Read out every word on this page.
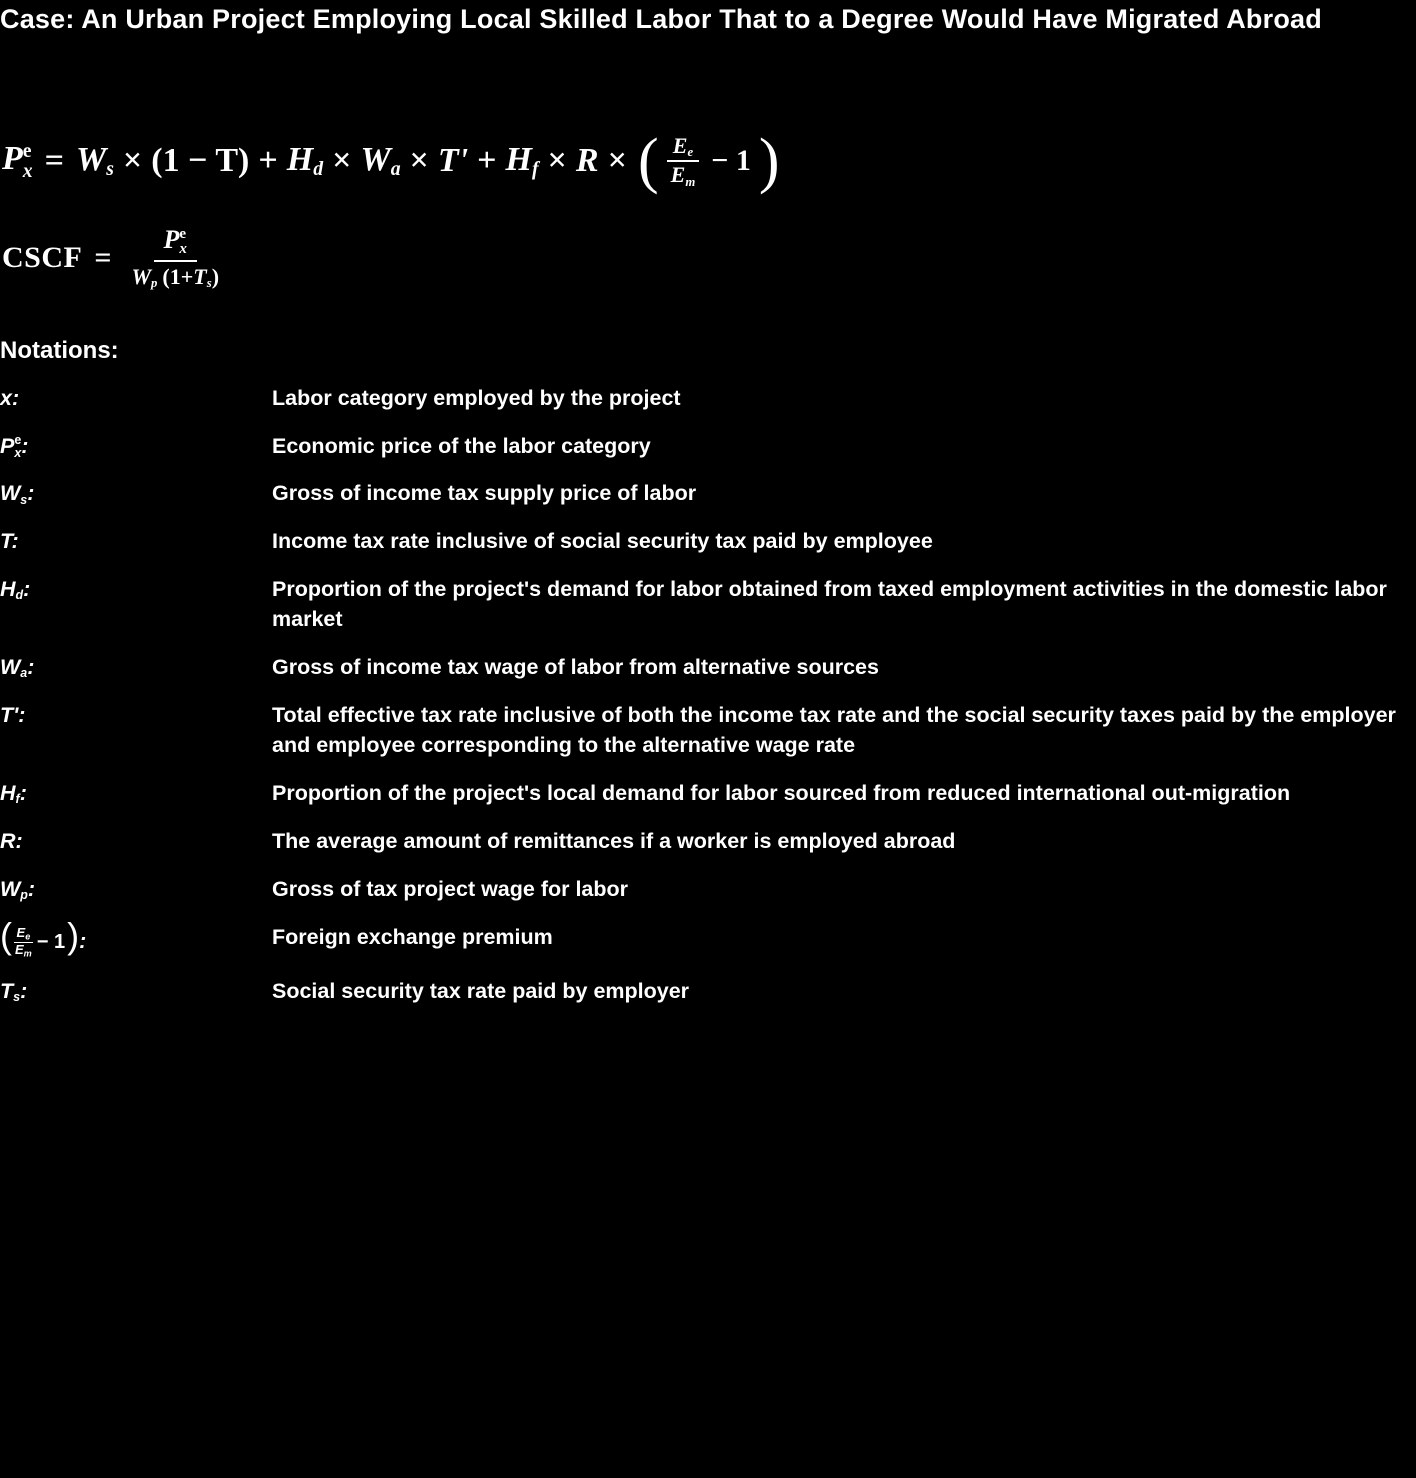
Case: An Urban Project Employing Local Skilled Labor That to a Degree Would Have Migrated Abroad
P e
x = Ws × (1 − T) + Hd × Wa × T' + Hf × R × ( $\frac{Ee}{Em} - 1$ )
CSCF = P e
x
Wp (1+Ts)
Notations:
x:	Labor category employed by the project
P e
x :	Economic price of the labor category
Ws:	Gross of income tax supply price of labor
T:	Income tax rate inclusive of social security tax paid by employee
Hd:	Proportion of the project's demand for labor obtained from taxed employment activities in the domestic labor market
Wa:	Gross of income tax wage of labor from alternative sources
T':	Total effective tax rate inclusive of both the income tax rate and the social security taxes paid by the employer and employee corresponding to the alternative wage rate
Hf:	Proportion of the project's local demand for labor sourced from reduced international out-migration
R:	The average amount of remittances if a worker is employed abroad
Wp:	Gross of tax project wage for labor
( $\frac{Ee}{Em} - 1$):	Foreign exchange premium
Ts:	Social security tax rate paid by employer
